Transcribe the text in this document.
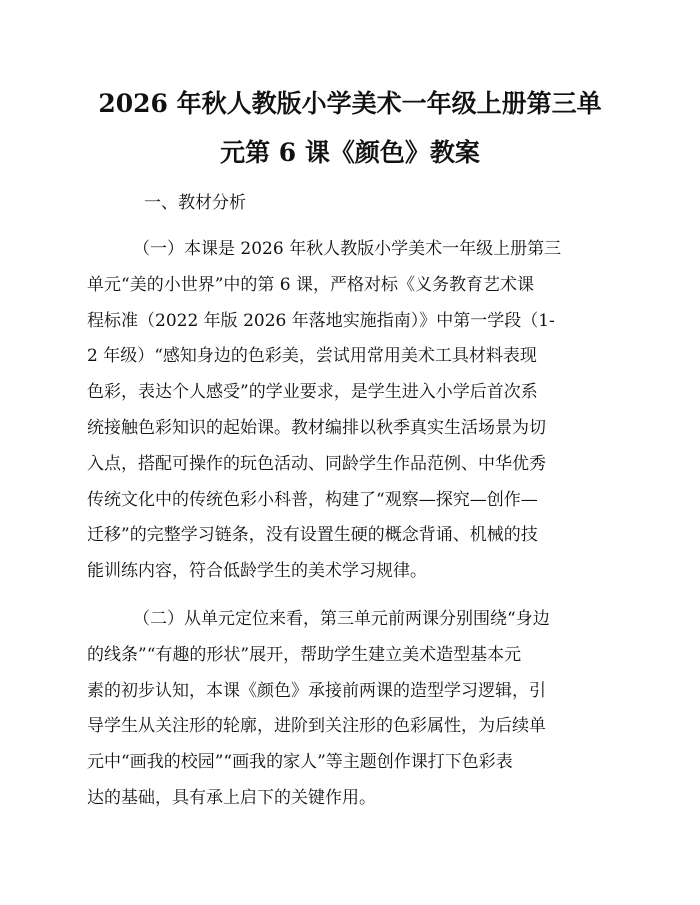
2026 年秋人教版小学美术一年级上册第三单
元第 6 课《颜色》教案
一、教材分析
（一）本课是 2026 年秋人教版小学美术一年级上册第三
单元“美的小世界”中的第 6 课，严格对标《义务教育艺术课
程标准（2022 年版 2026 年落地实施指南）》中第一学段（1-
2 年级）“感知身边的色彩美，尝试用常用美术工具材料表现
色彩，表达个人感受”的学业要求，是学生进入小学后首次系
统接触色彩知识的起始课。教材编排以秋季真实生活场景为切
入点，搭配可操作的玩色活动、同龄学生作品范例、中华优秀
传统文化中的传统色彩小科普，构建了“观察—探究—创作—
迁移”的完整学习链条，没有设置生硬的概念背诵、机械的技
能训练内容，符合低龄学生的美术学习规律。
（二）从单元定位来看，第三单元前两课分别围绕“身边
的线条”“有趣的形状”展开，帮助学生建立美术造型基本元
素的初步认知，本课《颜色》承接前两课的造型学习逻辑，引
导学生从关注形的轮廓，进阶到关注形的色彩属性，为后续单
元中“画我的校园”“画我的家人”等主题创作课打下色彩表
达的基础，具有承上启下的关键作用。
